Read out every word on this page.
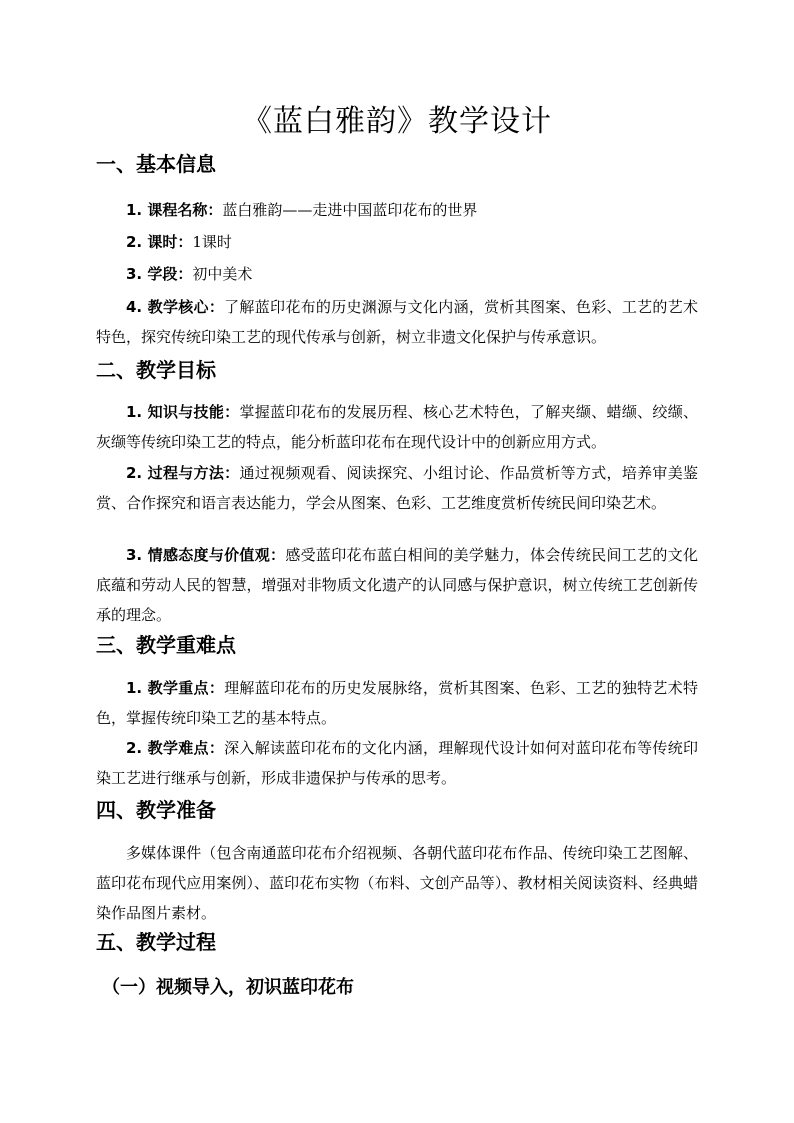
《蓝白雅韵》教学设计
一、基本信息
1. 课程名称：蓝白雅韵——走进中国蓝印花布的世界
2. 课时：1课时
3. 学段：初中美术
4. 教学核心：了解蓝印花布的历史渊源与文化内涵，赏析其图案、色彩、工艺的艺术特色，探究传统印染工艺的现代传承与创新，树立非遗文化保护与传承意识。
二、教学目标
1. 知识与技能：掌握蓝印花布的发展历程、核心艺术特色，了解夹缬、蜡缬、绞缬、灰缬等传统印染工艺的特点，能分析蓝印花布在现代设计中的创新应用方式。
2. 过程与方法：通过视频观看、阅读探究、小组讨论、作品赏析等方式，培养审美鉴赏、合作探究和语言表达能力，学会从图案、色彩、工艺维度赏析传统民间印染艺术。
3. 情感态度与价值观：感受蓝印花布蓝白相间的美学魅力，体会传统民间工艺的文化底蕴和劳动人民的智慧，增强对非物质文化遗产的认同感与保护意识，树立传统工艺创新传承的理念。
三、教学重难点
1. 教学重点：理解蓝印花布的历史发展脉络，赏析其图案、色彩、工艺的独特艺术特色，掌握传统印染工艺的基本特点。
2. 教学难点：深入解读蓝印花布的文化内涵，理解现代设计如何对蓝印花布等传统印染工艺进行继承与创新，形成非遗保护与传承的思考。
四、教学准备
多媒体课件（包含南通蓝印花布介绍视频、各朝代蓝印花布作品、传统印染工艺图解、蓝印花布现代应用案例）、蓝印花布实物（布料、文创产品等）、教材相关阅读资料、经典蜡染作品图片素材。
五、教学过程
（一）视频导入，初识蓝印花布
